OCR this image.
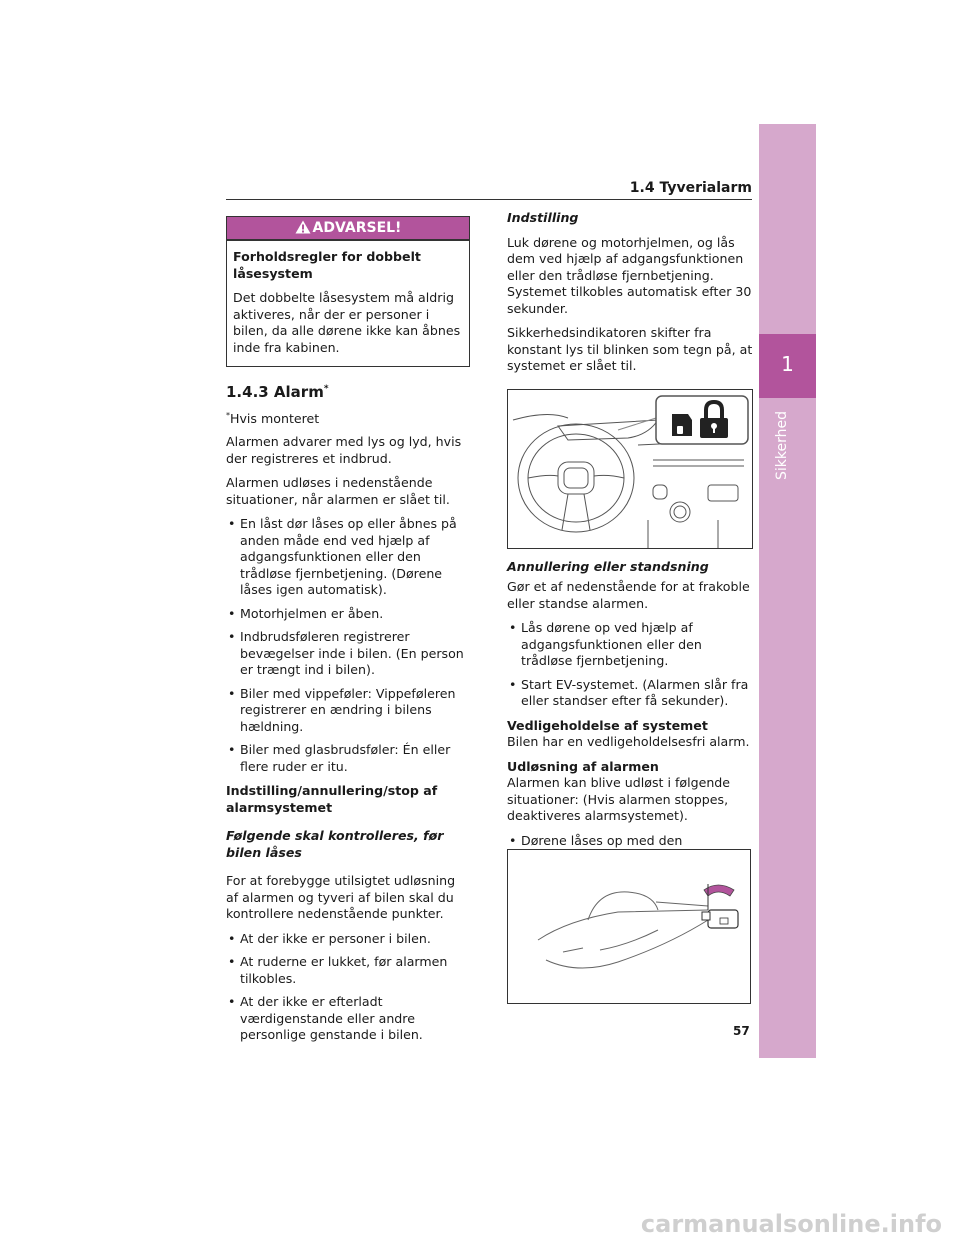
1
Sikkerhed
1.4 Tyverialarm
ADVARSEL!

Forholdsregler for dobbelt låsesystem

Det dobbelte låsesystem må aldrig aktiveres, når der er personer i bilen, da alle dørene ikke kan åbnes inde fra kabinen.

1.4.3 Alarm*
*Hvis monteret

Alarmen advarer med lys og lyd, hvis der registreres et indbrud.

Alarmen udløses i nedenstående situationer, når alarmen er slået til.

• En låst dør låses op eller åbnes på anden måde end ved hjælp af adgangsfunktionen eller den trådløse fjernbetjening. (Dørene låses igen automatisk).
• Motorhjelmen er åben.
• Indbrudsføleren registrerer bevægelser inde i bilen. (En person er trængt ind i bilen).
• Biler med vippeføler: Vippeføleren registrerer en ændring i bilens hældning.
• Biler med glasbrudsføler: Én eller flere ruder er itu.

Indstilling/annullering/stop af alarmsystemet

Følgende skal kontrolleres, før bilen låses

For at forebygge utilsigtet udløsning af alarmen og tyveri af bilen skal du kontrollere nedenstående punkter.

• At der ikke er personer i bilen.
• At ruderne er lukket, før alarmen tilkobles.
• At der ikke er efterladt værdigenstande eller andre personlige genstande i bilen.

Indstilling

Luk dørene og motorhjelmen, og lås dem ved hjælp af adgangsfunktionen eller den trådløse fjernbetjening. Systemet tilkobles automatisk efter 30 sekunder.

Sikkerhedsindikatoren skifter fra konstant lys til blinken som tegn på, at systemet er slået til.

Annullering eller standsning

Gør et af nedenstående for at frakoble eller standse alarmen.

• Lås dørene op ved hjælp af adgangsfunktionen eller den trådløse fjernbetjening.
• Start EV-systemet. (Alarmen slår fra eller standser efter få sekunder).

Vedligeholdelse af systemet

Bilen har en vedligeholdelsesfri alarm.

Udløsning af alarmen

Alarmen kan blive udløst i følgende situationer: (Hvis alarmen stoppes, deaktiveres alarmsystemet).

• Dørene låses op med den
57
carmanualsonline.info
